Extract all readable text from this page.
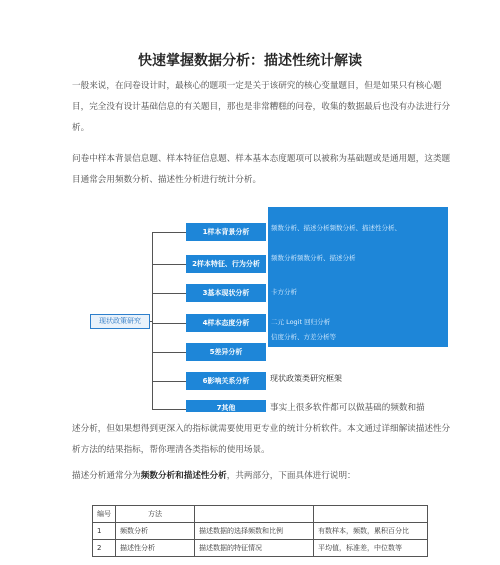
快速掌握数据分析：描述性统计解读
一般来说，在问卷设计时，最核心的题项一定是关于该研究的核心变量题目，但是如果只有核心题目，完全没有设计基础信息的有关题目，那也是非常糟糕的问卷，收集的数据最后也没有办法进行分析。
问卷中样本背景信息题、样本特征信息题、样本基本态度题项可以被称为基础题或是通用题，这类题目通常会用频数分析、描述性分析进行统计分析。
现状政策研究
1样本背景分析
2样本特征、行为分析
3基本现状分析
4样本态度分析
5差异分析
6影响关系分析
7其他
频数分析、描述分析频数分析、描述性分析、
频数分析频数分析、描述分析
卡方分析
二元 Logit 回归分析
信度分析、方差分析等
现状政策类研究框架
事实上很多软件都可以做基础的频数和描
述分析，但如果想得到更深入的指标就需要使用更专业的统计分析软件。本文通过详细解读描述性分析方法的结果指标，帮你理清各类指标的使用场景。
描述分析通常分为频数分析和描述性分析，共两部分，下面具体进行说明：
编号	方法		
1	频数分析	描述数据的选择频数和比例	有数样本，频数，累积百分比
2	描述性分析	描述数据的特征情况	平均值，标准差，中位数等
